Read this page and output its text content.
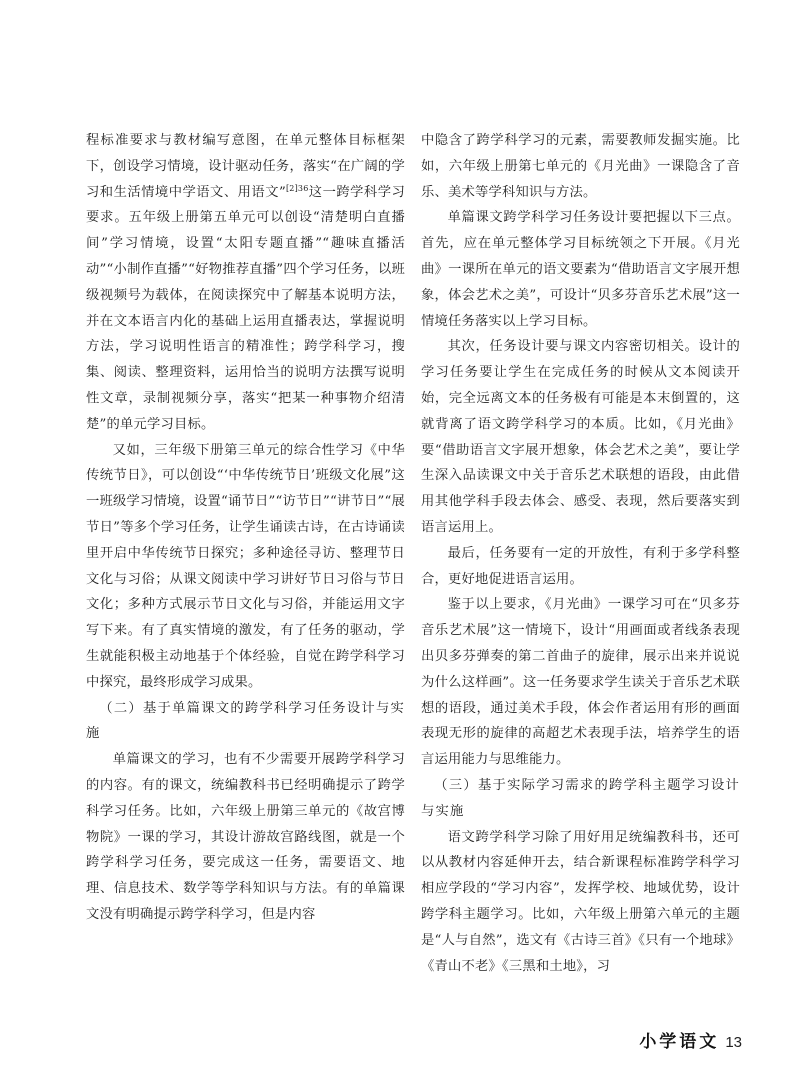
程标准要求与教材编写意图，在单元整体目标框架下，创设学习情境，设计驱动任务，落实“在广阔的学习和生活情境中学语文、用语文”$^{[2]36}$这一跨学科学习要求。五年级上册第五单元可以创设“清楚明白直播间”学习情境，设置“太阳专题直播”“趣味直播活动”“小制作直播”“好物推荐直播”四个学习任务，以班级视频号为载体，在阅读探究中了解基本说明方法，并在文本语言内化的基础上运用直播表达，掌握说明方法，学习说明性语言的精准性；跨学科学习，搜集、阅读、整理资料，运用恰当的说明方法撰写说明性文章，录制视频分享，落实“把某一种事物介绍清楚”的单元学习目标。

又如，三年级下册第三单元的综合性学习《中华传统节日》，可以创设“‘中华传统节日’班级文化展”这一班级学习情境，设置“诵节日”“访节日”“讲节日”“展节日”等多个学习任务，让学生诵读古诗，在古诗诵读里开启中华传统节日探究；多种途径寻访、整理节日文化与习俗；从课文阅读中学习讲好节日习俗与节日文化；多种方式展示节日文化与习俗，并能运用文字写下来。有了真实情境的激发，有了任务的驱动，学生就能积极主动地基于个体经验，自觉在跨学科学习中探究，最终形成学习成果。

（二）基于单篇课文的跨学科学习任务设计与实施

单篇课文的学习，也有不少需要开展跨学科学习的内容。有的课文，统编教科书已经明确提示了跨学科学习任务。比如，六年级上册第三单元的《故宫博物院》一课的学习，其设计游故宫路线图，就是一个跨学科学习任务，要完成这一任务，需要语文、地理、信息技术、数学等学科知识与方法。有的单篇课文没有明确提示跨学科学习，但是内容

中隐含了跨学科学习的元素，需要教师发掘实施。比如，六年级上册第七单元的《月光曲》一课隐含了音乐、美术等学科知识与方法。

单篇课文跨学科学习任务设计要把握以下三点。首先，应在单元整体学习目标统领之下开展。《月光曲》一课所在单元的语文要素为“借助语言文字展开想象，体会艺术之美”，可设计“贝多芬音乐艺术展”这一情境任务落实以上学习目标。

其次，任务设计要与课文内容密切相关。设计的学习任务要让学生在完成任务的时候从文本阅读开始，完全远离文本的任务极有可能是本末倒置的，这就背离了语文跨学科学习的本质。比如，《月光曲》要“借助语言文字展开想象，体会艺术之美”，要让学生深入品读课文中关于音乐艺术联想的语段，由此借用其他学科手段去体会、感受、表现，然后要落实到语言运用上。

最后，任务要有一定的开放性，有利于多学科整合，更好地促进语言运用。

鉴于以上要求，《月光曲》一课学习可在“贝多芬音乐艺术展”这一情境下，设计“用画面或者线条表现出贝多芬弹奏的第二首曲子的旋律，展示出来并说说为什么这样画”。这一任务要求学生读关于音乐艺术联想的语段，通过美术手段，体会作者运用有形的画面表现无形的旋律的高超艺术表现手法，培养学生的语言运用能力与思维能力。

（三）基于实际学习需求的跨学科主题学习设计与实施

语文跨学科学习除了用好用足统编教科书，还可以从教材内容延伸开去，结合新课程标准跨学科学习相应学段的“学习内容”，发挥学校、地域优势，设计跨学科主题学习。比如，六年级上册第六单元的主题是“人与自然”，选文有《古诗三首》《只有一个地球》《青山不老》《三黑和土地》，习

小学语文 13
